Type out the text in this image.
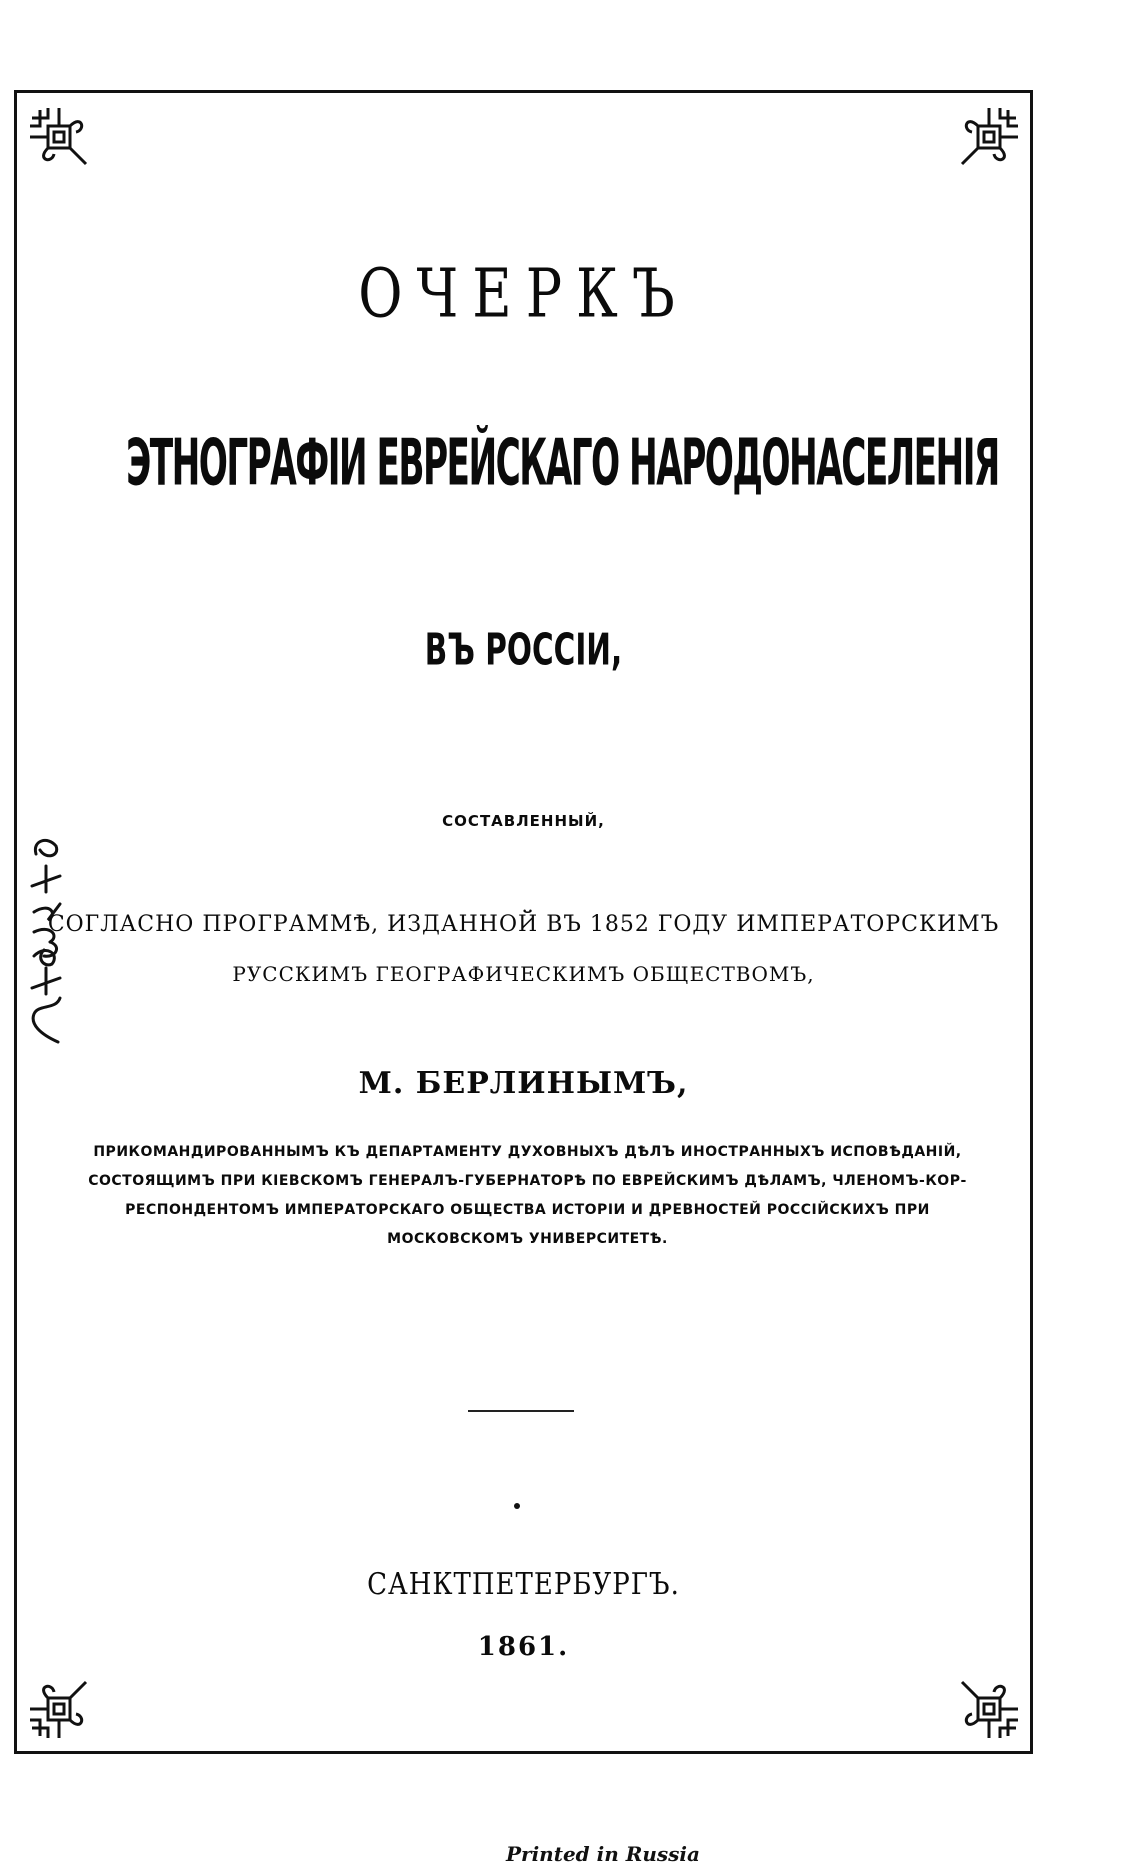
ОЧЕРКЪ
ЭТНОГРАФІИ ЕВРЕЙСКАГО НАРОДОНАСЕЛЕНІЯ

ВЪ РОССІИ,

СОСТАВЛЕННЫЙ,

СОГЛАСНО ПРОГРАММѢ, ИЗДАННОЙ ВЪ 1852 ГОДУ ИМПЕРАТОРСКИМЪ

РУССКИМЪ ГЕОГРАФИЧЕСКИМЪ ОБЩЕСТВОМЪ,

М. БЕРЛИНЫМЪ,

ПРИКОМАНДИРОВАННЫМЪ КЪ ДЕПАРТАМЕНТУ ДУХОВНЫХЪ ДѢЛЪ ИНОСТРАННЫХЪ ИСПОВѢДАНІЙ,
СОСТОЯЩИМЪ ПРИ КІЕВСКОМЪ ГЕНЕРАЛЪ-ГУБЕРНАТОРѢ ПО ЕВРЕЙСКИМЪ ДѢЛАМЪ, ЧЛЕНОМЪ-КОР-
РЕСПОНДЕНТОМЪ ИМПЕРАТОРСКАГО ОБЩЕСТВА ИСТОРІИ И ДРЕВНОСТЕЙ РОССІЙСКИХЪ ПРИ
МОСКОВСКОМЪ УНИВЕРСИТЕТѢ.

САНКТПЕТЕРБУРГЪ.

1861.

Printed in Russia
